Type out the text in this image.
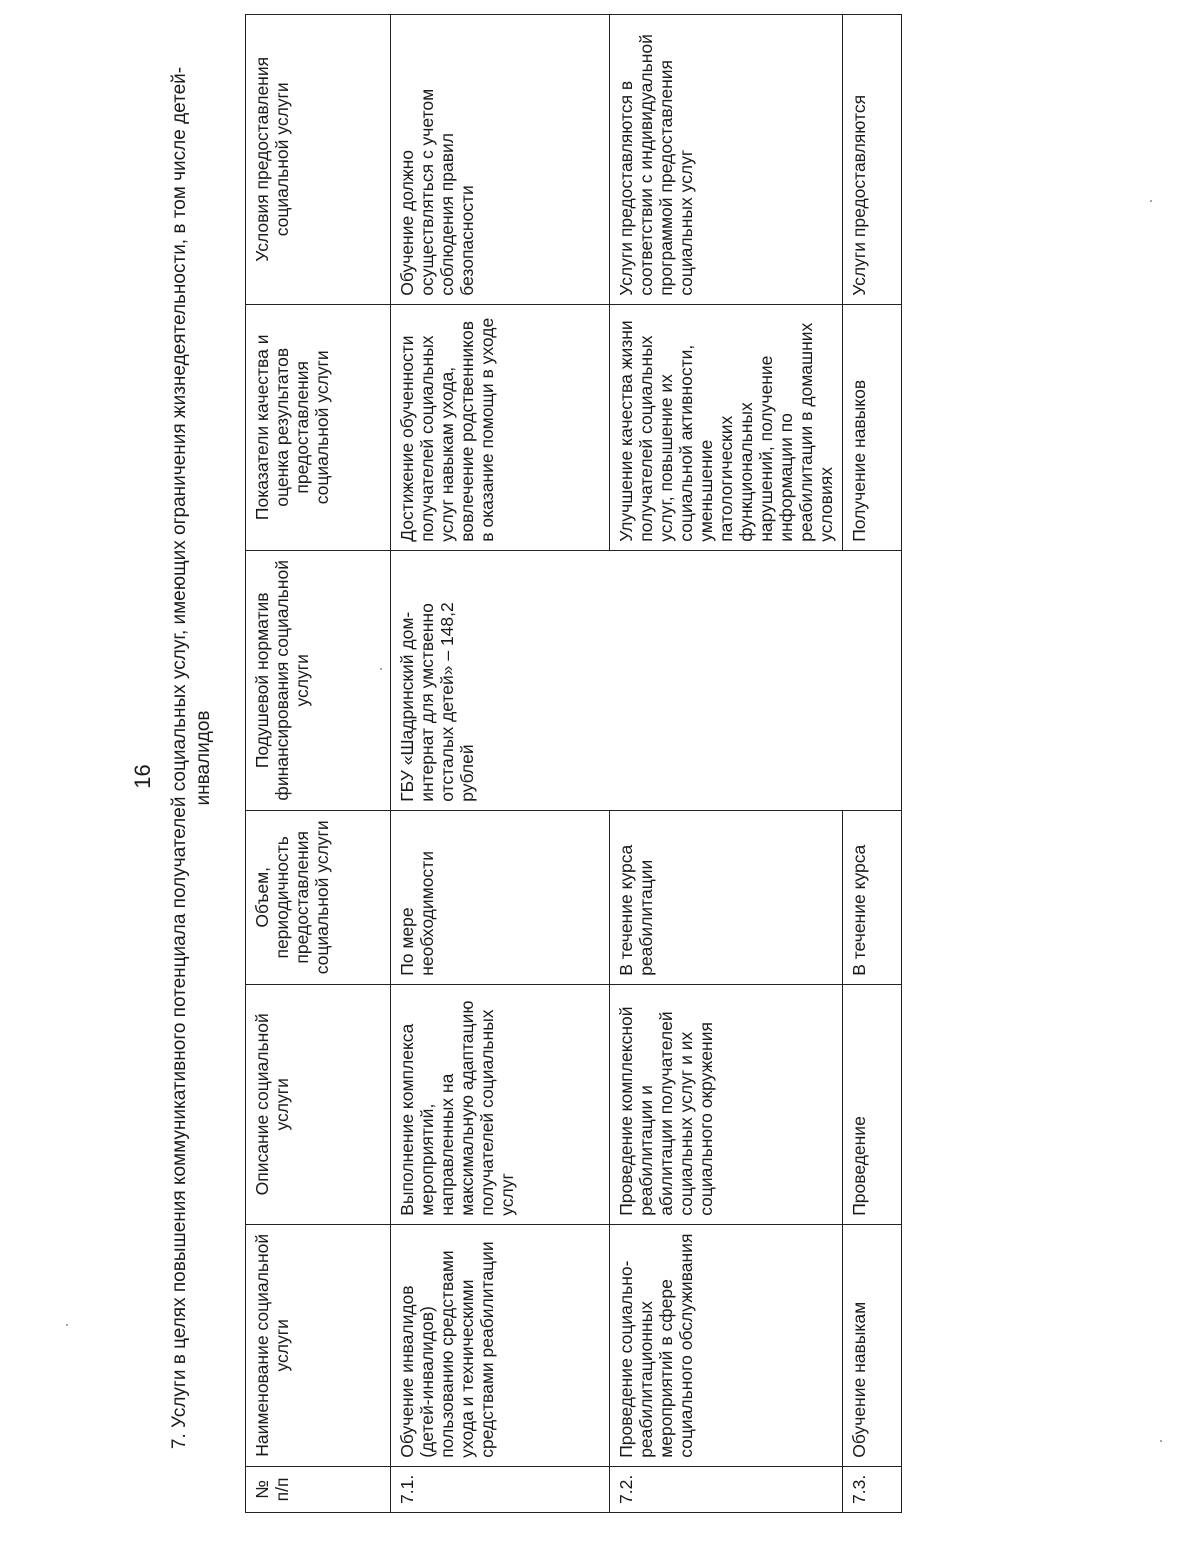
16 7. Услуги в целях повышения коммуникативного потенциала получателей социальных услуг, имеющих ограничения жизнедеятельности, в том числе детей-инвалидов
№ п/п	Наименование социальной услуги	Описание социальной услуги	Объем, периодичность предоставления социальной услуги	Подушевой норматив финансирования социальной услуги	Показатели качества и оценка результатов предоставления социальной услуги	Условия предоставления социальной услуги
7.1.	Обучение инвалидов (детей-инвалидов) пользованию средствами ухода и техническими средствами реабилитации	Выполнение комплекса мероприятий, направленных на максимальную адаптацию получателей социальных услуг	По мере необходимости	ГБУ «Шадринский дом-интернат для умственно отсталых детей» – 148,2 рублей	Достижение обученности получателей социальных услуг навыкам ухода, вовлечение родственников в оказание помощи в уходе	Обучение должно осуществляться с учетом соблюдения правил безопасности
7.2.	Проведение социально-реабилитационных мероприятий в сфере социального обслуживания	Проведение комплексной реабилитации и абилитации получателей социальных услуг и их социального окружения	В течение курса реабилитации		Улучшение качества жизни получателей социальных услуг, повышение их социальной активности, уменьшение патологических функциональных нарушений, получение информации по реабилитации в домашних условиях	Услуги предоставляются в соответствии с индивидуальной программой предоставления социальных услуг
7.3.	Обучение навыкам	Проведение	В течение курса		Получение навыков	Услуги предоставляются
